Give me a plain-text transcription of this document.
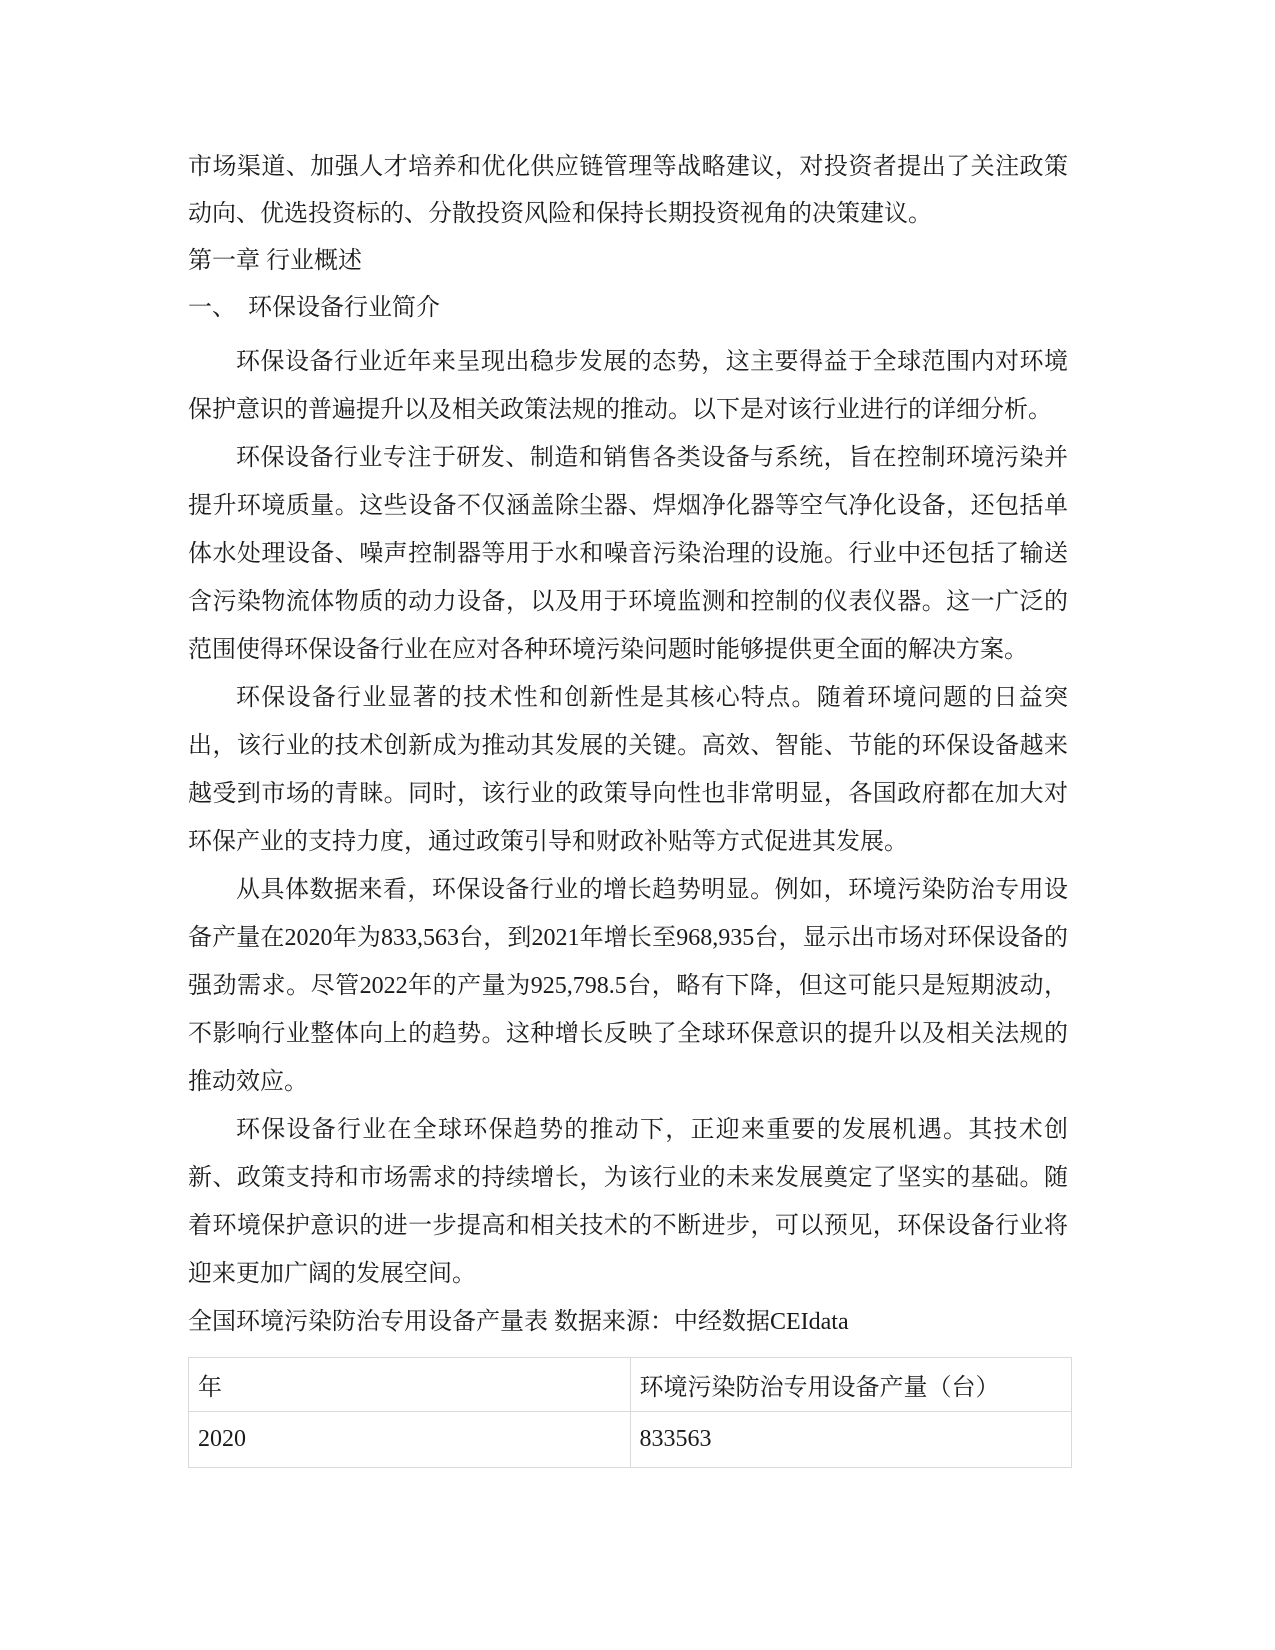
市场渠道、加强人才培养和优化供应链管理等战略建议，对投资者提出了关注政策动向、优选投资标的、分散投资风险和保持长期投资视角的决策建议。

第一章 行业概述

一、　环保设备行业简介

环保设备行业近年来呈现出稳步发展的态势，这主要得益于全球范围内对环境保护意识的普遍提升以及相关政策法规的推动。以下是对该行业进行的详细分析。

环保设备行业专注于研发、制造和销售各类设备与系统，旨在控制环境污染并提升环境质量。这些设备不仅涵盖除尘器、焊烟净化器等空气净化设备，还包括单体水处理设备、噪声控制器等用于水和噪音污染治理的设施。行业中还包括了输送含污染物流体物质的动力设备，以及用于环境监测和控制的仪表仪器。这一广泛的范围使得环保设备行业在应对各种环境污染问题时能够提供更全面的解决方案。

环保设备行业显著的技术性和创新性是其核心特点。随着环境问题的日益突出，该行业的技术创新成为推动其发展的关键。高效、智能、节能的环保设备越来越受到市场的青睐。同时，该行业的政策导向性也非常明显，各国政府都在加大对环保产业的支持力度，通过政策引导和财政补贴等方式促进其发展。

从具体数据来看，环保设备行业的增长趋势明显。例如，环境污染防治专用设备产量在2020年为833,563台，到2021年增长至968,935台，显示出市场对环保设备的强劲需求。尽管2022年的产量为925,798.5台，略有下降，但这可能只是短期波动，不影响行业整体向上的趋势。这种增长反映了全球环保意识的提升以及相关法规的推动效应。

环保设备行业在全球环保趋势的推动下，正迎来重要的发展机遇。其技术创新、政策支持和市场需求的持续增长，为该行业的未来发展奠定了坚实的基础。随着环境保护意识的进一步提高和相关技术的不断进步，可以预见，环保设备行业将迎来更加广阔的发展空间。

全国环境污染防治专用设备产量表 数据来源：中经数据CEIdata

年	环境污染防治专用设备产量（台）
2020	833563
